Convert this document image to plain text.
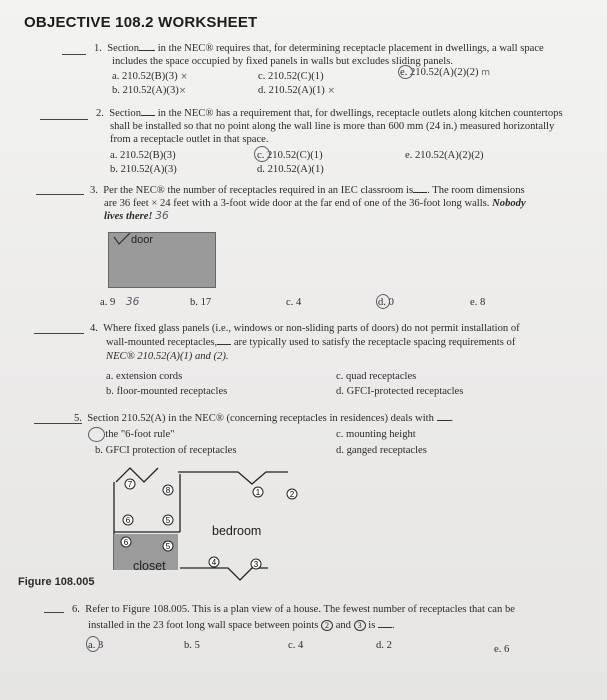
OBJECTIVE 108.2 WORKSHEET
1. Section in the NEC® requires that, for determining receptacle placement in dwellings, a wall space
includes the space occupied by fixed panels in walls but excludes sliding panels.
a. 210.52(B)(3) ×
b. 210.52(A)(3)×
c. 210.52(C)(1)
d. 210.52(A)(1) ×
e. 210.52(A)(2)(2) m
2. Section in the NEC® has a requirement that, for dwellings, receptacle outlets along kitchen countertops
shall be installed so that no point along the wall line is more than 600 mm (24 in.) measured horizontally
from a receptacle outlet in that space.
a. 210.52(B)(3)
b. 210.52(A)(3)
c. 210.52(C)(1)
d. 210.52(A)(1)
e. 210.52(A)(2)(2)
3. Per the NEC® the number of receptacles required in an IEC classroom is . The room dimensions
are 36 feet × 24 feet with a 3-foot wide door at the far end of one of the 36-foot long walls. Nobody
lives there! 36
door
a. 9 36	b. 17	c. 4	d. 0	e. 8
4. Where fixed glass panels (i.e., windows or non-sliding parts of doors) do not permit installation of
wall-mounted receptacles, are typically used to satisfy the receptacle spacing requirements of
NEC® 210.52(A)(1) and (2).
a. extension cords
b. floor-mounted receptacles
c. quad receptacles
d. GFCI-protected receptacles
5. Section 210.52(A) in the NEC® (concerning receptacles in residences) deals with .
the "6-foot rule"
b. GFCI protection of receptacles
c. mounting height
d. ganged receptacles
7
8	1	2
6	5
6	5
4	3
bedroom
closet
Figure 108.005
6. Refer to Figure 108.005. This is a plan view of a house. The fewest number of receptacles that can be
installed in the 23 foot long wall space between points 2 and 3 is .
a. 3	b. 5	c. 4	d. 2	e. 6
